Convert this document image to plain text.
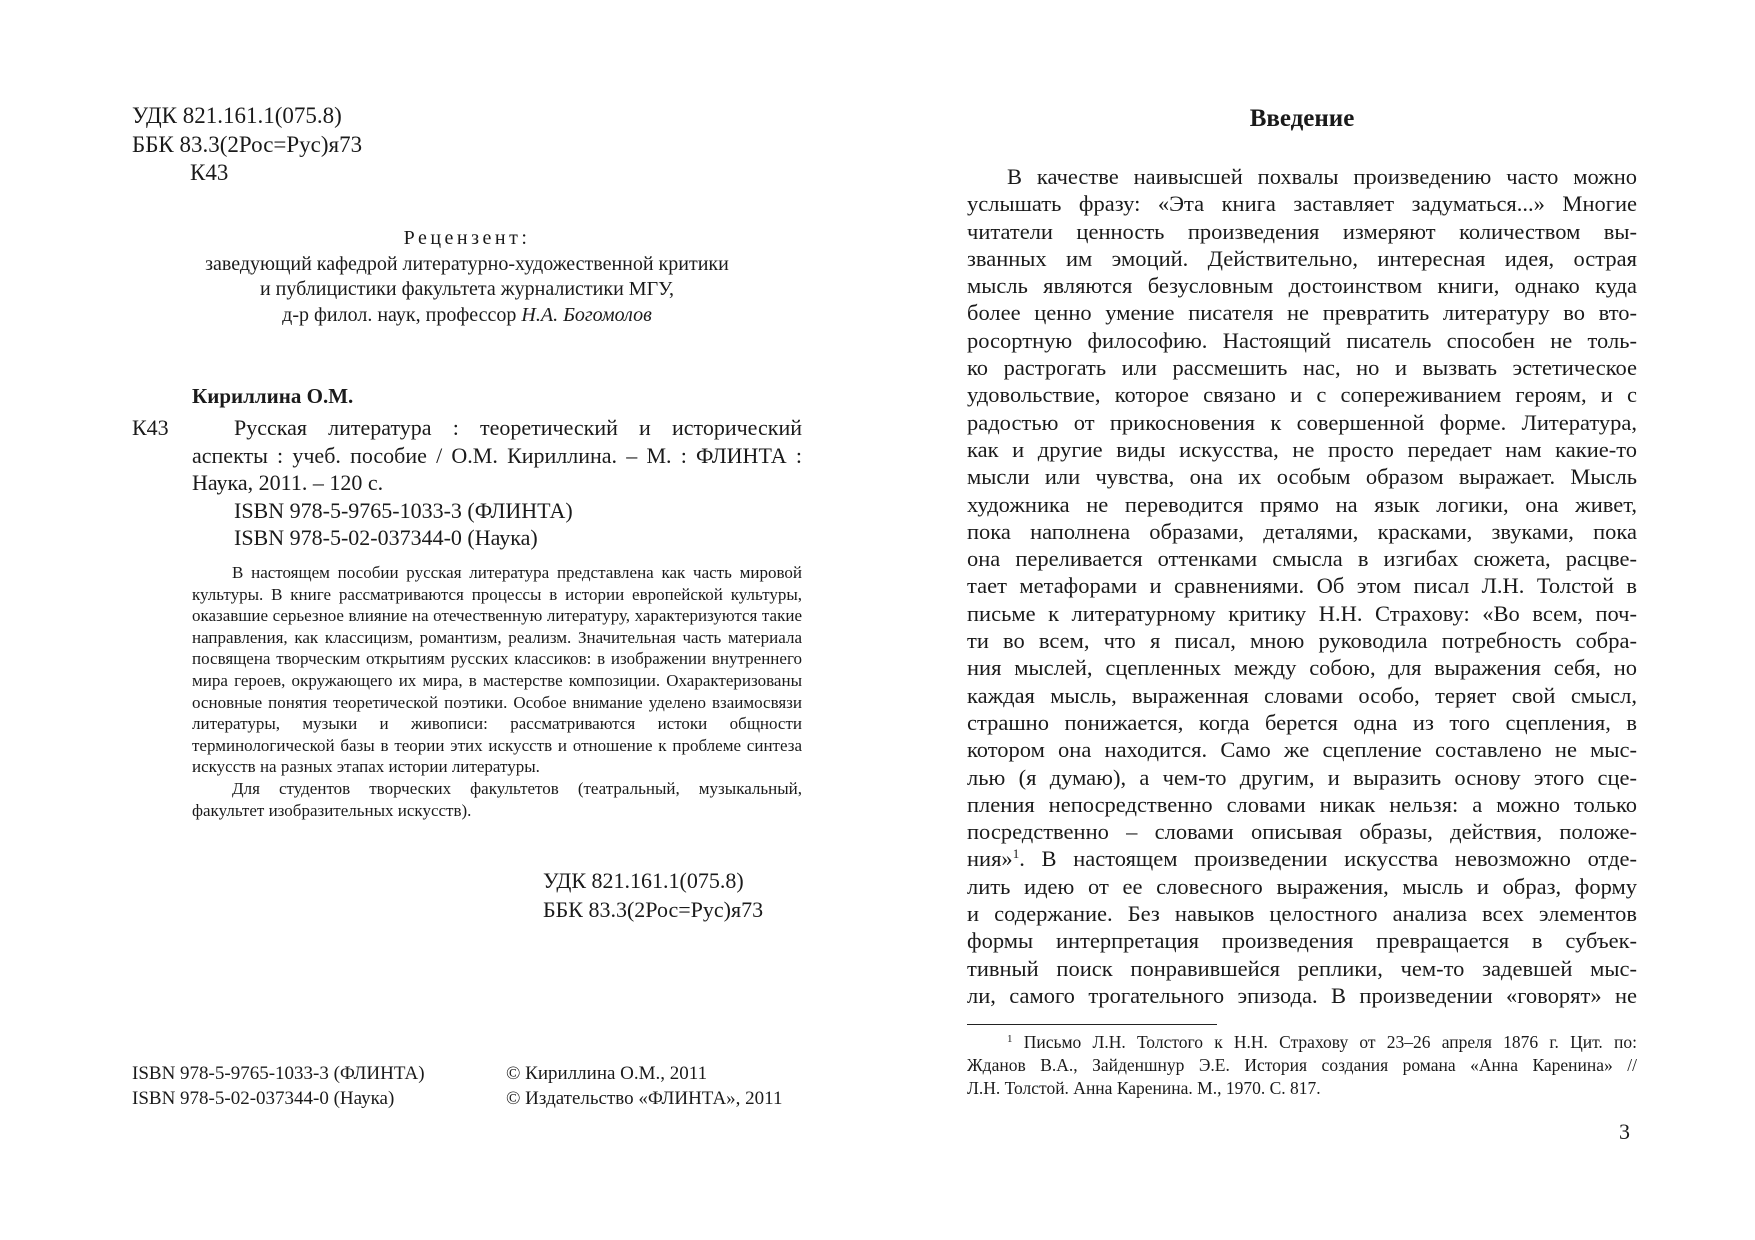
УДК 821.161.1(075.8)
ББК 83.3(2Рос=Рус)я73
К43
Рецензент:
заведующий кафедрой литературно-художественной критики
и публицистики факультета журналистики МГУ,
д-р филол. наук, профессор Н.А. Богомолов
Кириллина О.М.
К43	Русская литература : теоретический и исторический
аспекты : учеб. пособие / О.М. Кириллина. – М. : ФЛИНТА :
Наука, 2011. – 120 с.
ISBN 978-5-9765-1033-3 (ФЛИНТА)
ISBN 978-5-02-037344-0 (Наука)

В настоящем пособии русская литература представлена как часть мировой культуры. В книге рассматриваются процессы в истории европейской культуры, оказавшие серьезное влияние на отечественную литературу, характеризуются такие направления, как классицизм, романтизм, реализм. Значительная часть материала посвящена творческим открытиям русских классиков: в изображении внутреннего мира героев, окружающего их мира, в мастерстве композиции. Охарактеризованы основные понятия теоретической поэтики. Особое внимание уделено взаимосвязи литературы, музыки и живописи: рассматриваются истоки общности терминологической базы в теории этих искусств и отношение к проблеме синтеза искусств на разных этапах истории литературы.

Для студентов творческих факультетов (театральный, музыкальный, факультет изобразительных искусств).

УДК 821.161.1(075.8)
ББК 83.3(2Рос=Рус)я73
ISBN 978-5-9765-1033-3 (ФЛИНТА)
ISBN 978-5-02-037344-0 (Наука)
© Кириллина О.М., 2011
© Издательство «ФЛИНТА», 2011
Введение
В качестве наивысшей похвалы произведению часто можно
услышать фразу: «Эта книга заставляет задуматься...» Многие
читатели ценность произведения измеряют количеством вы-
званных им эмоций. Действительно, интересная идея, острая
мысль являются безусловным достоинством книги, однако куда
более ценно умение писателя не превратить литературу во вто-
росортную философию. Настоящий писатель способен не толь-
ко растрогать или рассмешить нас, но и вызвать эстетическое
удовольствие, которое связано и с сопереживанием героям, и с
радостью от прикосновения к совершенной форме. Литература,
как и другие виды искусства, не просто передает нам какие-то
мысли или чувства, она их особым образом выражает. Мысль
художника не переводится прямо на язык логики, она живет,
пока наполнена образами, деталями, красками, звуками, пока
она переливается оттенками смысла в изгибах сюжета, расцве-
тает метафорами и сравнениями. Об этом писал Л.Н. Толстой в
письме к литературному критику Н.Н. Страхову: «Во всем, поч-
ти во всем, что я писал, мною руководила потребность собра-
ния мыслей, сцепленных между собою, для выражения себя, но
каждая мысль, выраженная словами особо, теряет свой смысл,
страшно понижается, когда берется одна из того сцепления, в
котором она находится. Само же сцепление составлено не мыс-
лью (я думаю), а чем-то другим, и выразить основу этого сце-
пления непосредственно словами никак нельзя: а можно только
посредственно – словами описывая образы, действия, положе-
ния»$^1$. В настоящем произведении искусства невозможно отде-
лить идею от ее словесного выражения, мысль и образ, форму
и содержание. Без навыков целостного анализа всех элементов
формы интерпретация произведения превращается в субъек-
тивный поиск понравившейся реплики, чем-то задевшей мыс-
ли, самого трогательного эпизода. В произведении «говорят» не
$^1$ Письмо Л.Н. Толстого к Н.Н. Страхову от 23–26 апреля 1876 г. Цит. по:
Жданов В.А., Зайденшнур Э.Е. История создания романа «Анна Каренина» //
Л.Н. Толстой. Анна Каренина. М., 1970. С. 817.
3
